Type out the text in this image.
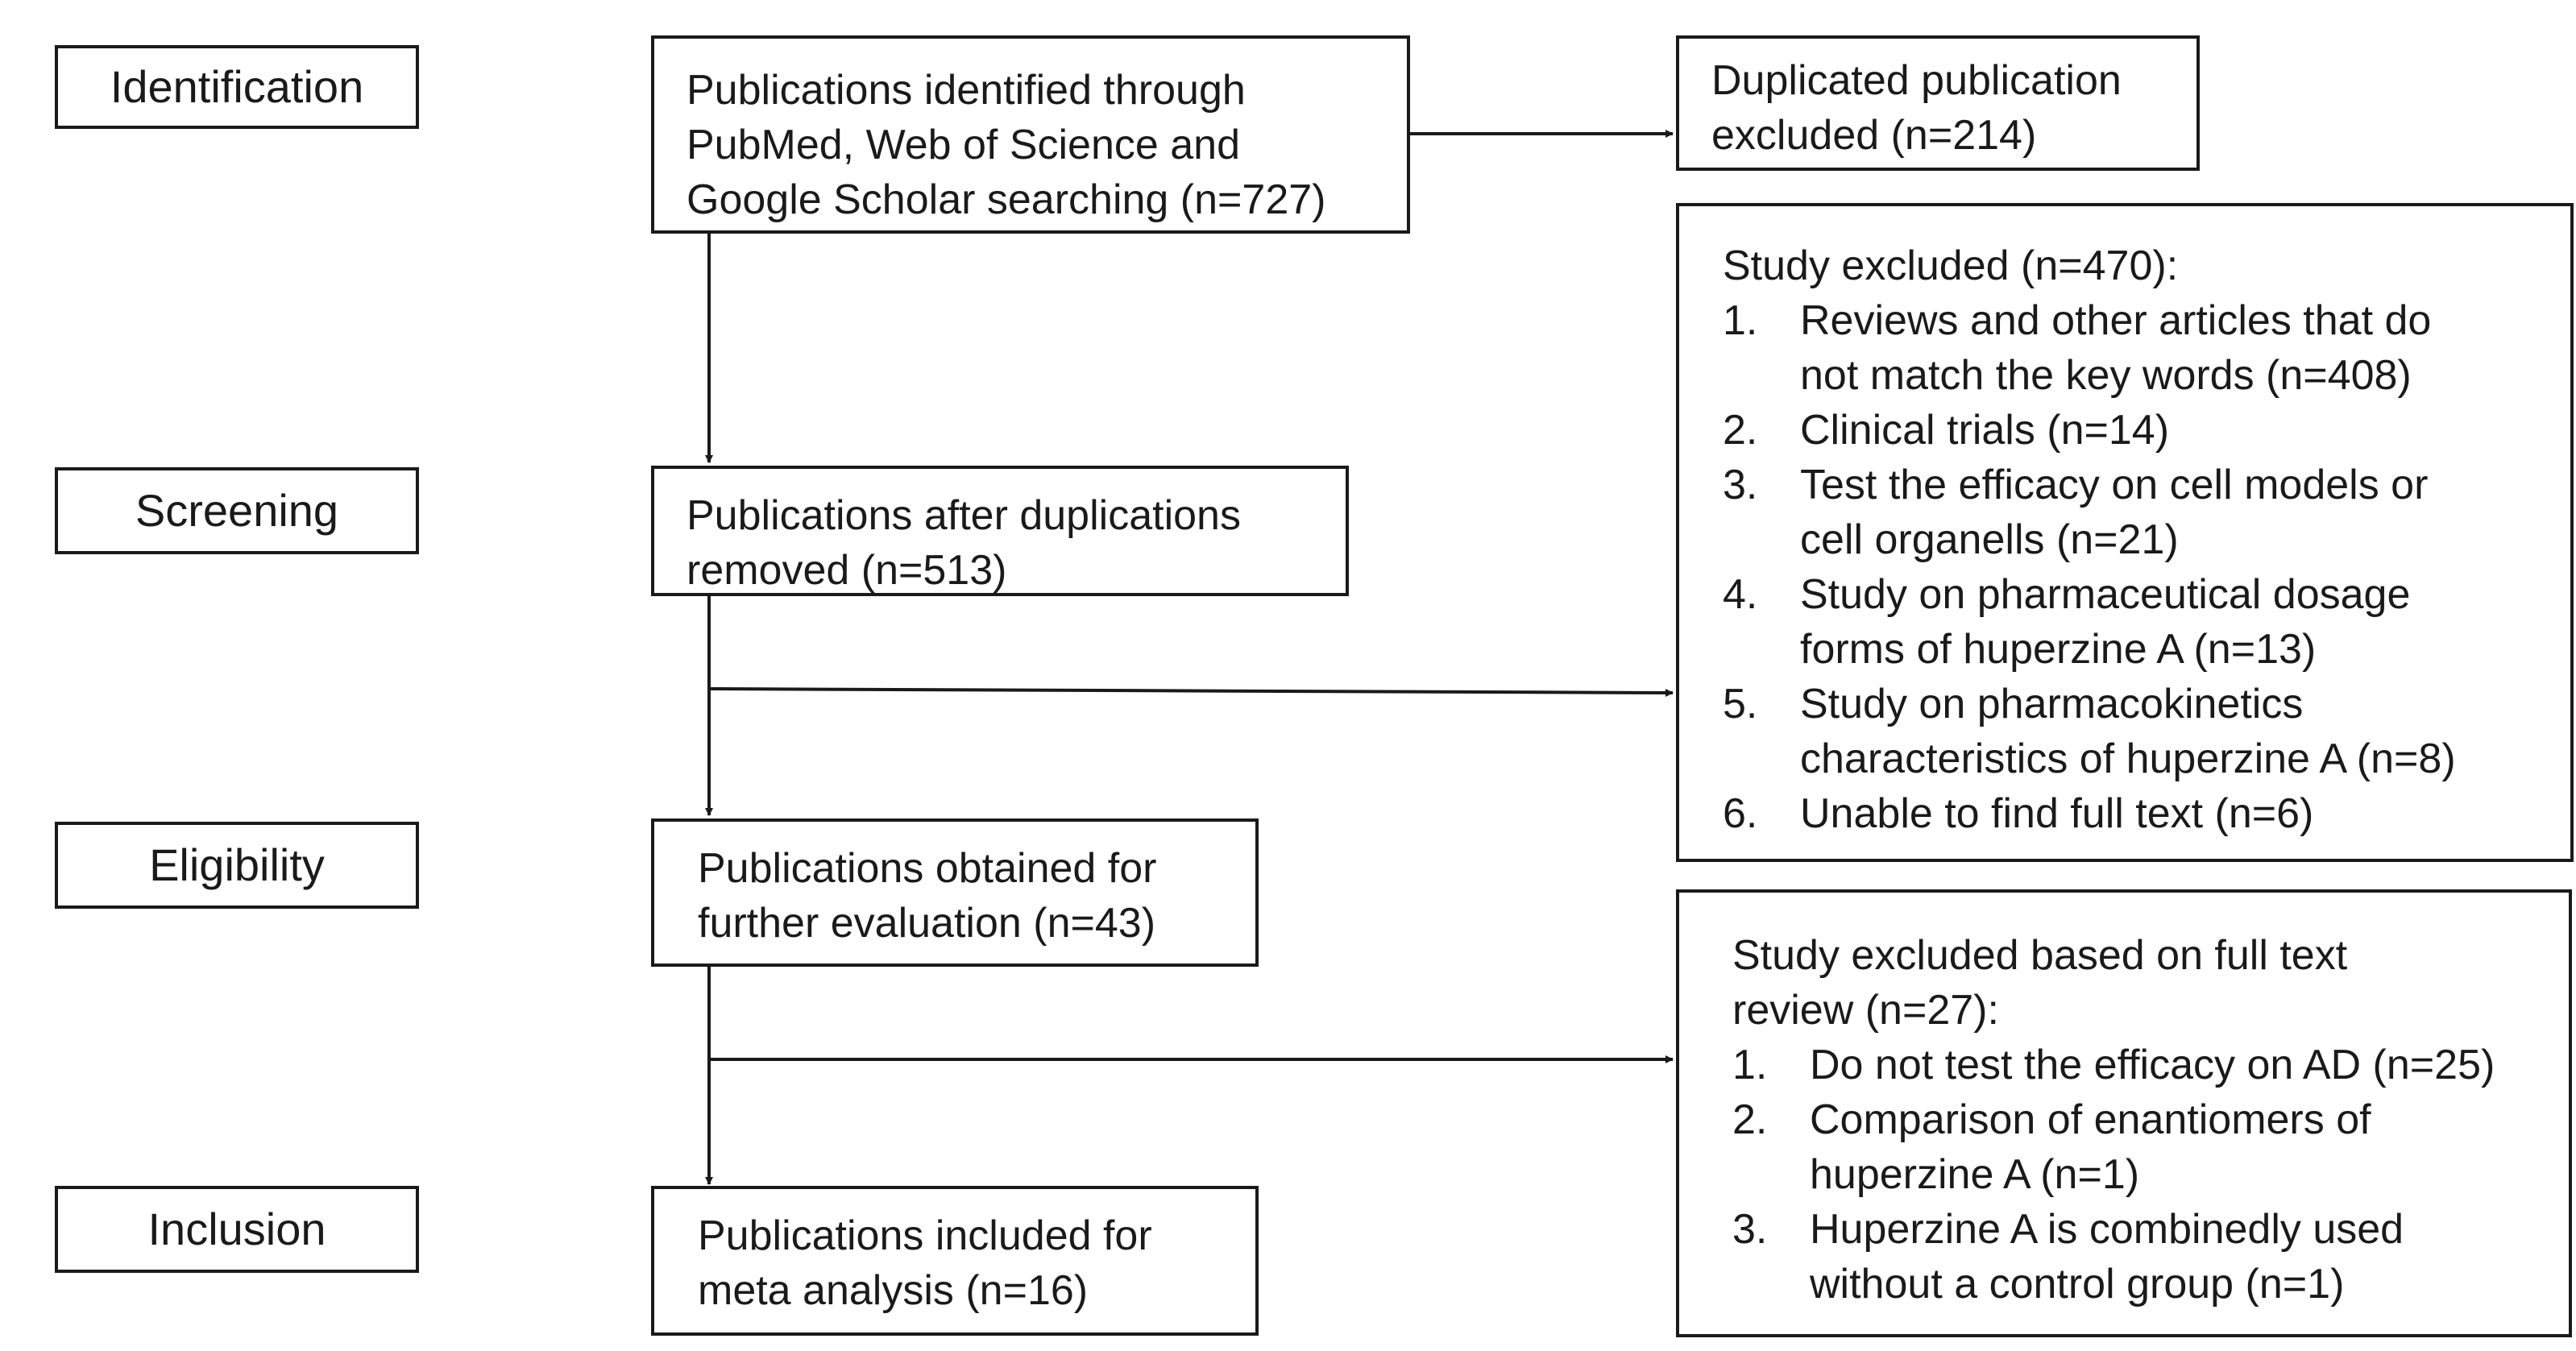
Identification
Screening
Eligibility
Inclusion
Publications identified through
PubMed, Web of Science and
Google Scholar searching (n=727)
Publications after duplications
removed (n=513)
Publications obtained for
further evaluation (n=43)
Publications included for
meta analysis (n=16)
Duplicated publication
excluded (n=214)
Study excluded (n=470):
1. Reviews and other articles that do
not match the key words (n=408)
2. Clinical trials (n=14)
3. Test the efficacy on cell models or
cell organells (n=21)
4. Study on pharmaceutical dosage
forms of huperzine A (n=13)
5. Study on pharmacokinetics
characteristics of huperzine A (n=8)
6. Unable to find full text (n=6)
Study excluded based on full text
review (n=27):
1. Do not test the efficacy on AD (n=25)
2. Comparison of enantiomers of
huperzine A (n=1)
3. Huperzine A is combinedly used
without a control group (n=1)
